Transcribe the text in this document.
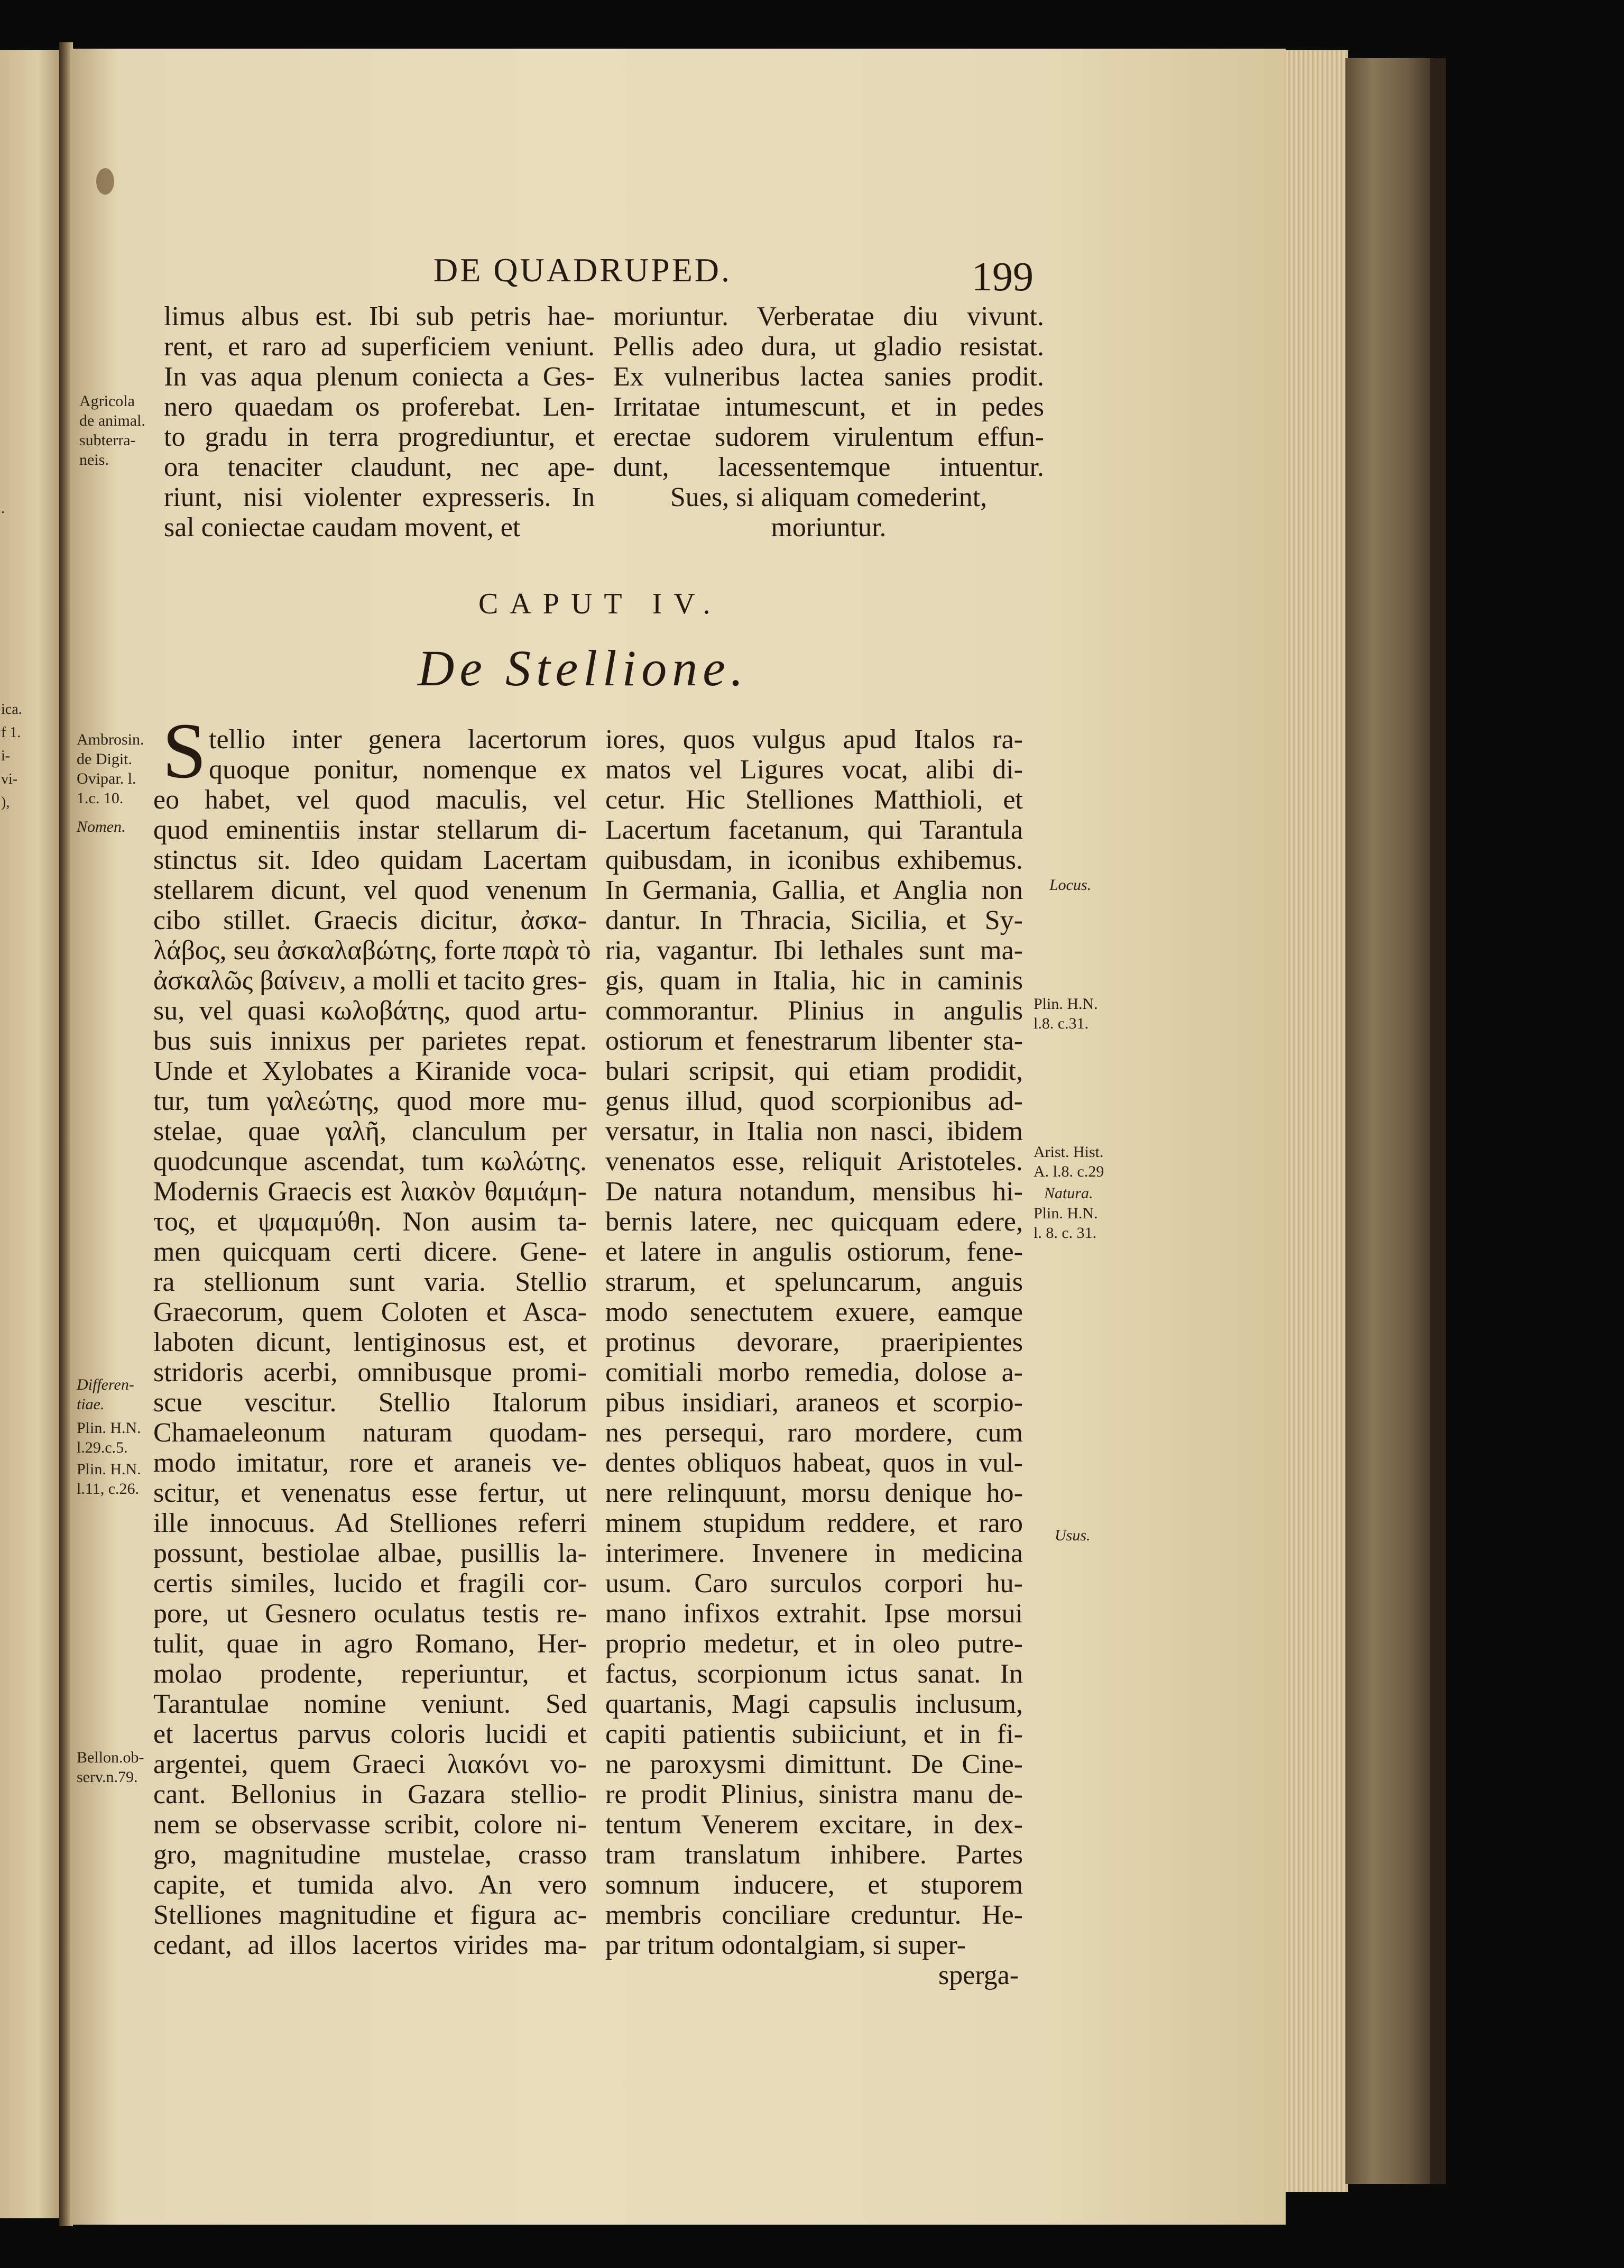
ica.
f 1.
i-
vi-
),
.
DE QUADRUPED.	199
limus albus est. Ibi sub petris hae-
rent, et raro ad superficiem veniunt.
In vas aqua plenum coniecta a Ges-
nero quaedam os proferebat. Len-
to gradu in terra progrediuntur, et
ora tenaciter claudunt, nec ape-
riunt, nisi violenter expresseris. In
sal coniectae caudam movent, et
moriuntur. Verberatae diu vivunt.
Pellis adeo dura, ut gladio resistat.
Ex vulneribus lactea sanies prodit.
Irritatae intumescunt, et in pedes
erectae sudorem virulentum effun-
dunt, lacessentemque intuentur.
Sues, si aliquam comederint,
moriuntur.
Agricola
de animal.
subterra-
neis.
CAPUT IV.
De Stellione.
S tellio inter genera lacertorum
quoque ponitur, nomenque ex
eo habet, vel quod maculis, vel
quod eminentiis instar stellarum di-
stinctus sit. Ideo quidam Lacertam
stellarem dicunt, vel quod venenum
cibo stillet. Graecis dicitur, ἀσκα-
λάβος, seu ἀσκαλαβώτης, forte παρὰ τὸ
ἀσκαλῶς βαίνειν, a molli et tacito gres-
su, vel quasi κωλοβάτης, quod artu-
bus suis innixus per parietes repat.
Unde et Xylobates a Kiranide voca-
tur, tum γαλεώτης, quod more mu-
stelae, quae γαλῆ, clanculum per
quodcunque ascendat, tum κωλώτης.
Modernis Graecis est λιακὸν θαμιάμη-
τος, et ψαμαμύθη. Non ausim ta-
men quicquam certi dicere. Gene-
ra stellionum sunt varia. Stellio
Graecorum, quem Coloten et Asca-
laboten dicunt, lentiginosus est, et
stridoris acerbi, omnibusque promi-
scue vescitur. Stellio Italorum
Chamaeleonum naturam quodam-
modo imitatur, rore et araneis ve-
scitur, et venenatus esse fertur, ut
ille innocuus. Ad Stelliones referri
possunt, bestiolae albae, pusillis la-
certis similes, lucido et fragili cor-
pore, ut Gesnero oculatus testis re-
tulit, quae in agro Romano, Her-
molao prodente, reperiuntur, et
Tarantulae nomine veniunt. Sed
et lacertus parvus coloris lucidi et
argentei, quem Graeci λιακόνι vo-
cant. Bellonius in Gazara stellio-
nem se observasse scribit, colore ni-
gro, magnitudine mustelae, crasso
capite, et tumida alvo. An vero
Stelliones magnitudine et figura ac-
cedant, ad illos lacertos virides ma-
iores, quos vulgus apud Italos ra-
matos vel Ligures vocat, alibi di-
cetur. Hic Stelliones Matthioli, et
Lacertum facetanum, qui Tarantula
quibusdam, in iconibus exhibemus.
In Germania, Gallia, et Anglia non
dantur. In Thracia, Sicilia, et Sy-
ria, vagantur. Ibi lethales sunt ma-
gis, quam in Italia, hic in caminis
commorantur. Plinius in angulis
ostiorum et fenestrarum libenter sta-
bulari scripsit, qui etiam prodidit,
genus illud, quod scorpionibus ad-
versatur, in Italia non nasci, ibidem
venenatos esse, reliquit Aristoteles.
De natura notandum, mensibus hi-
bernis latere, nec quicquam edere,
et latere in angulis ostiorum, fene-
strarum, et speluncarum, anguis
modo senectutem exuere, eamque
protinus devorare, praeripientes
comitiali morbo remedia, dolose a-
pibus insidiari, araneos et scorpio-
nes persequi, raro mordere, cum
dentes obliquos habeat, quos in vul-
nere relinquunt, morsu denique ho-
minem stupidum reddere, et raro
interimere. Invenere in medicina
usum. Caro surculos corpori hu-
mano infixos extrahit. Ipse morsui
proprio medetur, et in oleo putre-
factus, scorpionum ictus sanat. In
quartanis, Magi capsulis inclusum,
capiti patientis subiiciunt, et in fi-
ne paroxysmi dimittunt. De Cine-
re prodit Plinius, sinistra manu de-
tentum Venerem excitare, in dex-
tram translatum inhibere. Partes
somnum inducere, et stuporem
membris conciliare creduntur. He-
par tritum odontalgiam, si super-
sperga-
Ambrosin.
de Digit.
Ovipar. l.
1.c. 10.
Nomen.
Differen-
tiae.
Plin. H.N.
l.29.c.5.
Plin. H.N.
l.11, c.26.
Bellon.ob-
serv.n.79.
Locus.
Plin. H.N.
l.8. c.31.
Arist. Hist.
A. l.8. c.29
Natura.
Plin. H.N.
l. 8. c. 31.
Usus.
